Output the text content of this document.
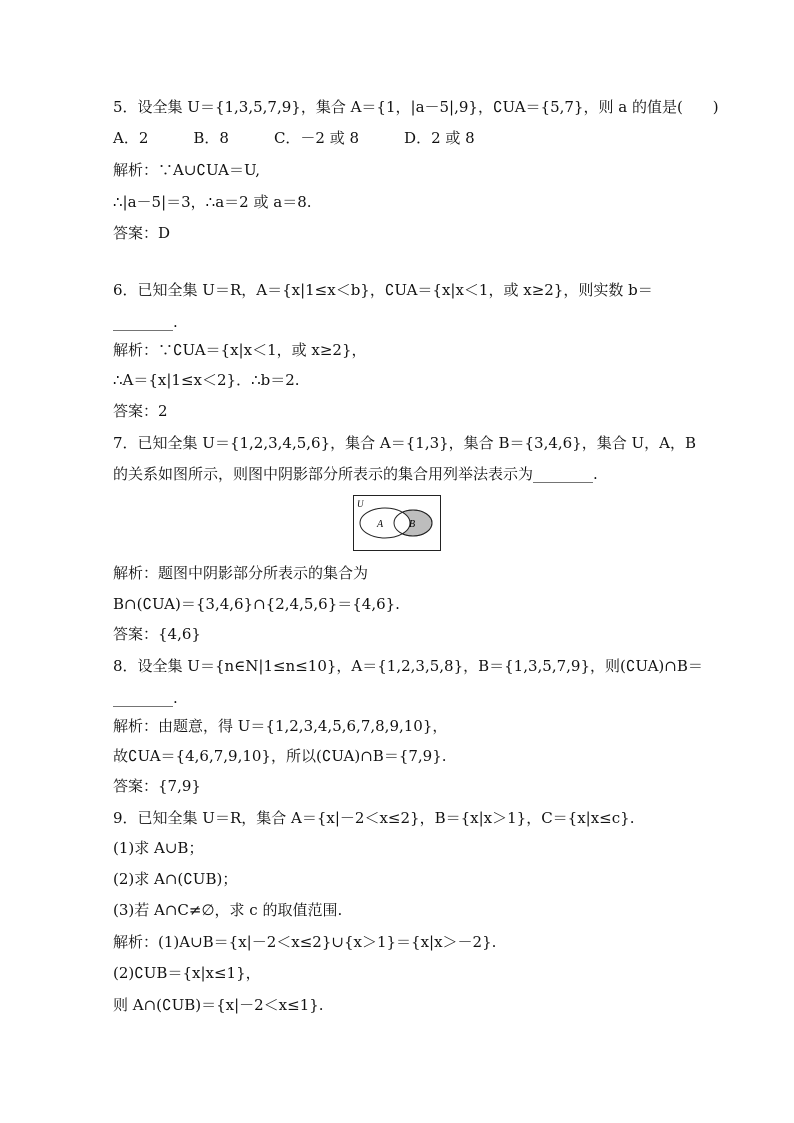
5．设全集 U＝{1,3,5,7,9}，集合 A＝{1，|a－5|,9}，∁UA＝{5,7}，则 a 的值是(　　)
A．2　　　B．8　　　C．－2 或 8　　　D．2 或 8
解析：∵A∪∁UA＝U,
∴|a－5|＝3，∴a＝2 或 a＝8.
答案：D
6．已知全集 U＝R，A＝{x|1≤x＜b}，∁UA＝{x|x＜1，或 x≥2}，则实数 b＝
________.
解析：∵∁UA＝{x|x＜1，或 x≥2}，
∴A＝{x|1≤x＜2}．∴b＝2.
答案：2
7．已知全集 U＝{1,2,3,4,5,6}，集合 A＝{1,3}，集合 B＝{3,4,6}，集合 U，A，B
的关系如图所示，则图中阴影部分所表示的集合用列举法表示为________.
U
A	B
解析：题图中阴影部分所表示的集合为
B∩(∁UA)＝{3,4,6}∩{2,4,5,6}＝{4,6}.
答案：{4,6}
8．设全集 U＝{n∈N|1≤n≤10}，A＝{1,2,3,5,8}，B＝{1,3,5,7,9}，则(∁UA)∩B＝
________.
解析：由题意，得 U＝{1,2,3,4,5,6,7,8,9,10}，
故∁UA＝{4,6,7,9,10}，所以(∁UA)∩B＝{7,9}.
答案：{7,9}
9．已知全集 U＝R，集合 A＝{x|－2＜x≤2}，B＝{x|x＞1}，C＝{x|x≤c}.
(1)求 A∪B；
(2)求 A∩(∁UB)；
(3)若 A∩C≠∅，求 c 的取值范围.
解析：(1)A∪B＝{x|－2＜x≤2}∪{x＞1}＝{x|x＞－2}.
(2)∁UB＝{x|x≤1}，
则 A∩(∁UB)＝{x|－2＜x≤1}.
